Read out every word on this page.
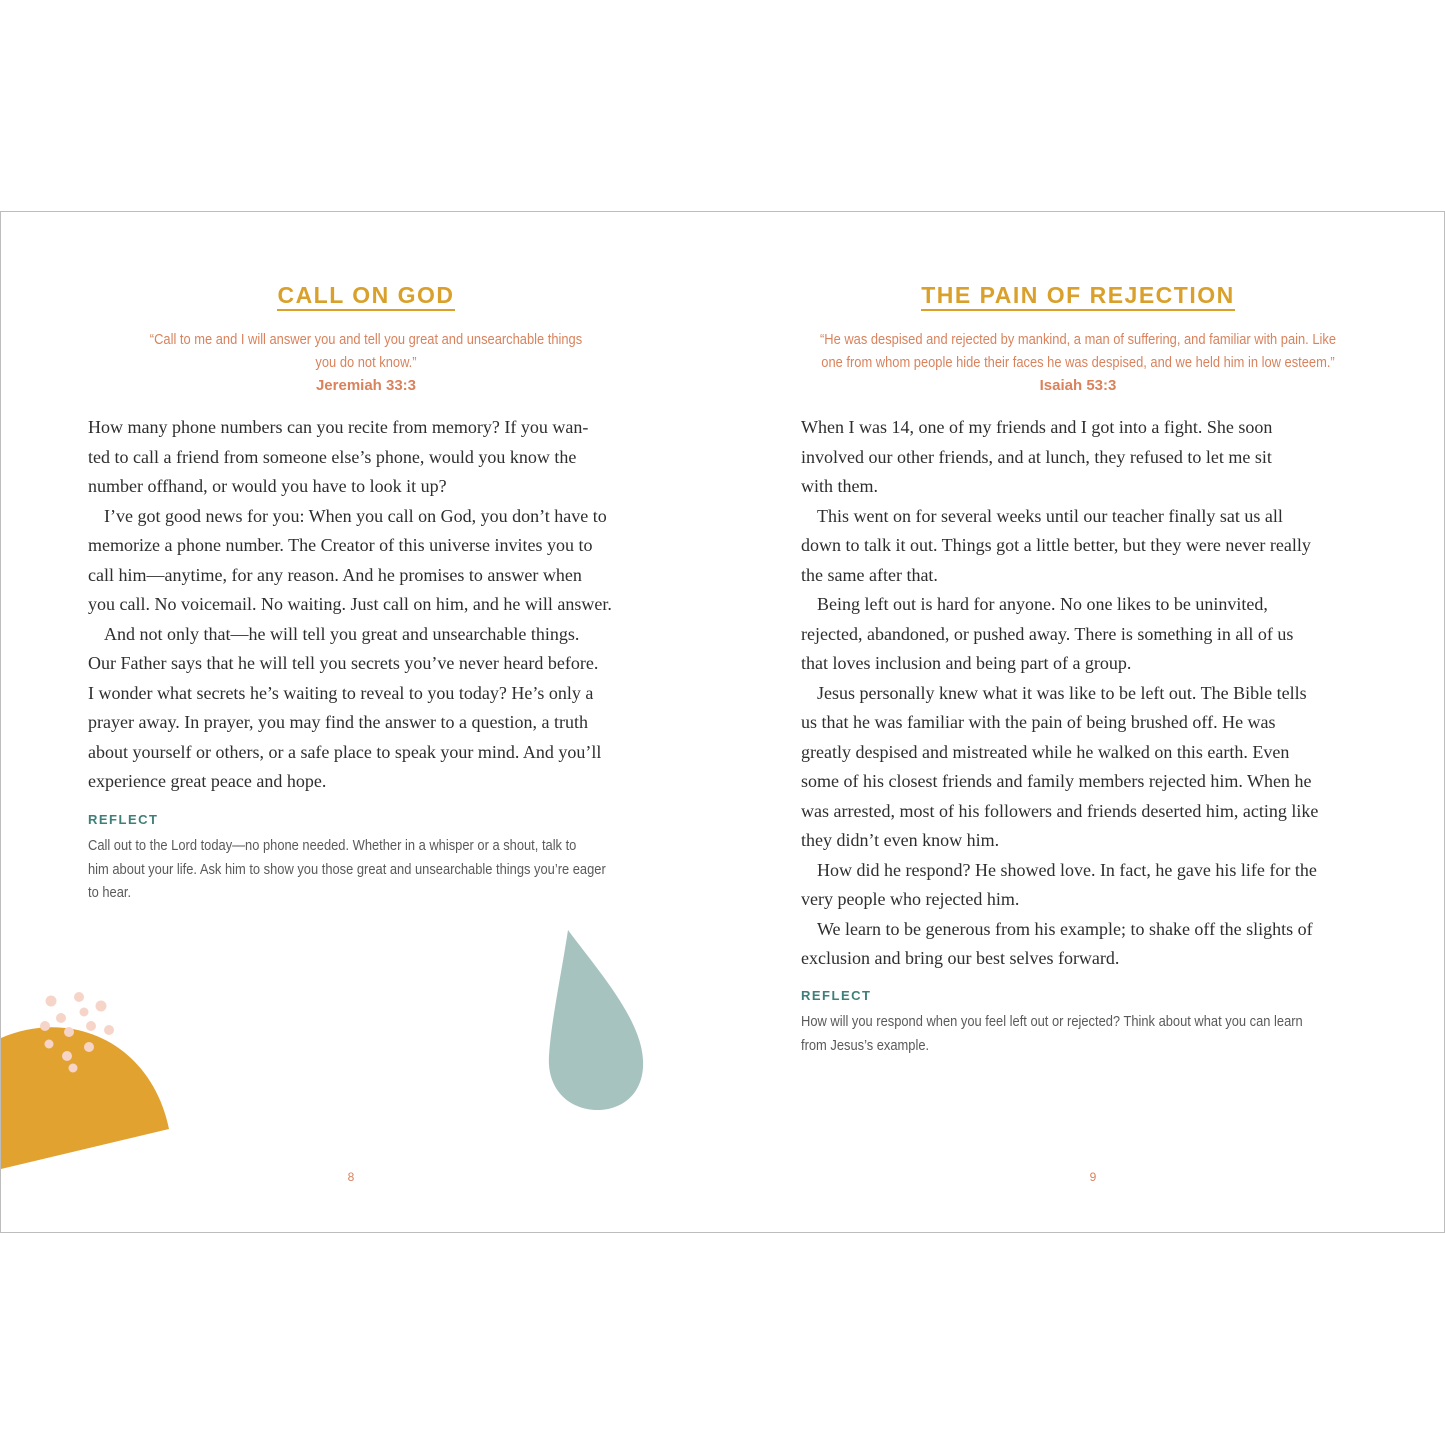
CALL ON GOD

“Call to me and I will answer you and tell you great and unsearchable things
you do not know.”

Jeremiah 33:3

How many phone numbers can you recite from memory? If you wan-
ted to call a friend from someone else’s phone, would you know the
number offhand, or would you have to look it up?
I’ve got good news for you: When you call on God, you don’t have to
memorize a phone number. The Creator of this universe invites you to
call him—anytime, for any reason. And he promises to answer when
you call. No voicemail. No waiting. Just call on him, and he will answer.
And not only that—he will tell you great and unsearchable things.
Our Father says that he will tell you secrets you’ve never heard before.
I wonder what secrets he’s waiting to reveal to you today? He’s only a
prayer away. In prayer, you may find the answer to a question, a truth
about yourself or others, or a safe place to speak your mind. And you’ll
experience great peace and hope.

REFLECT

Call out to the Lord today—no phone needed. Whether in a whisper or a shout, talk to
him about your life. Ask him to show you those great and unsearchable things you’re eager
to hear.

8

THE PAIN OF REJECTION

“He was despised and rejected by mankind, a man of suffering, and familiar with pain. Like
one from whom people hide their faces he was despised, and we held him in low esteem.”

Isaiah 53:3

When I was 14, one of my friends and I got into a fight. She soon
involved our other friends, and at lunch, they refused to let me sit
with them.
This went on for several weeks until our teacher finally sat us all
down to talk it out. Things got a little better, but they were never really
the same after that.
Being left out is hard for anyone. No one likes to be uninvited,
rejected, abandoned, or pushed away. There is something in all of us
that loves inclusion and being part of a group.
Jesus personally knew what it was like to be left out. The Bible tells
us that he was familiar with the pain of being brushed off. He was
greatly despised and mistreated while he walked on this earth. Even
some of his closest friends and family members rejected him. When he
was arrested, most of his followers and friends deserted him, acting like
they didn’t even know him.
How did he respond? He showed love. In fact, he gave his life for the
very people who rejected him.
We learn to be generous from his example; to shake off the slights of
exclusion and bring our best selves forward.

REFLECT

How will you respond when you feel left out or rejected? Think about what you can learn
from Jesus’s example.

9
